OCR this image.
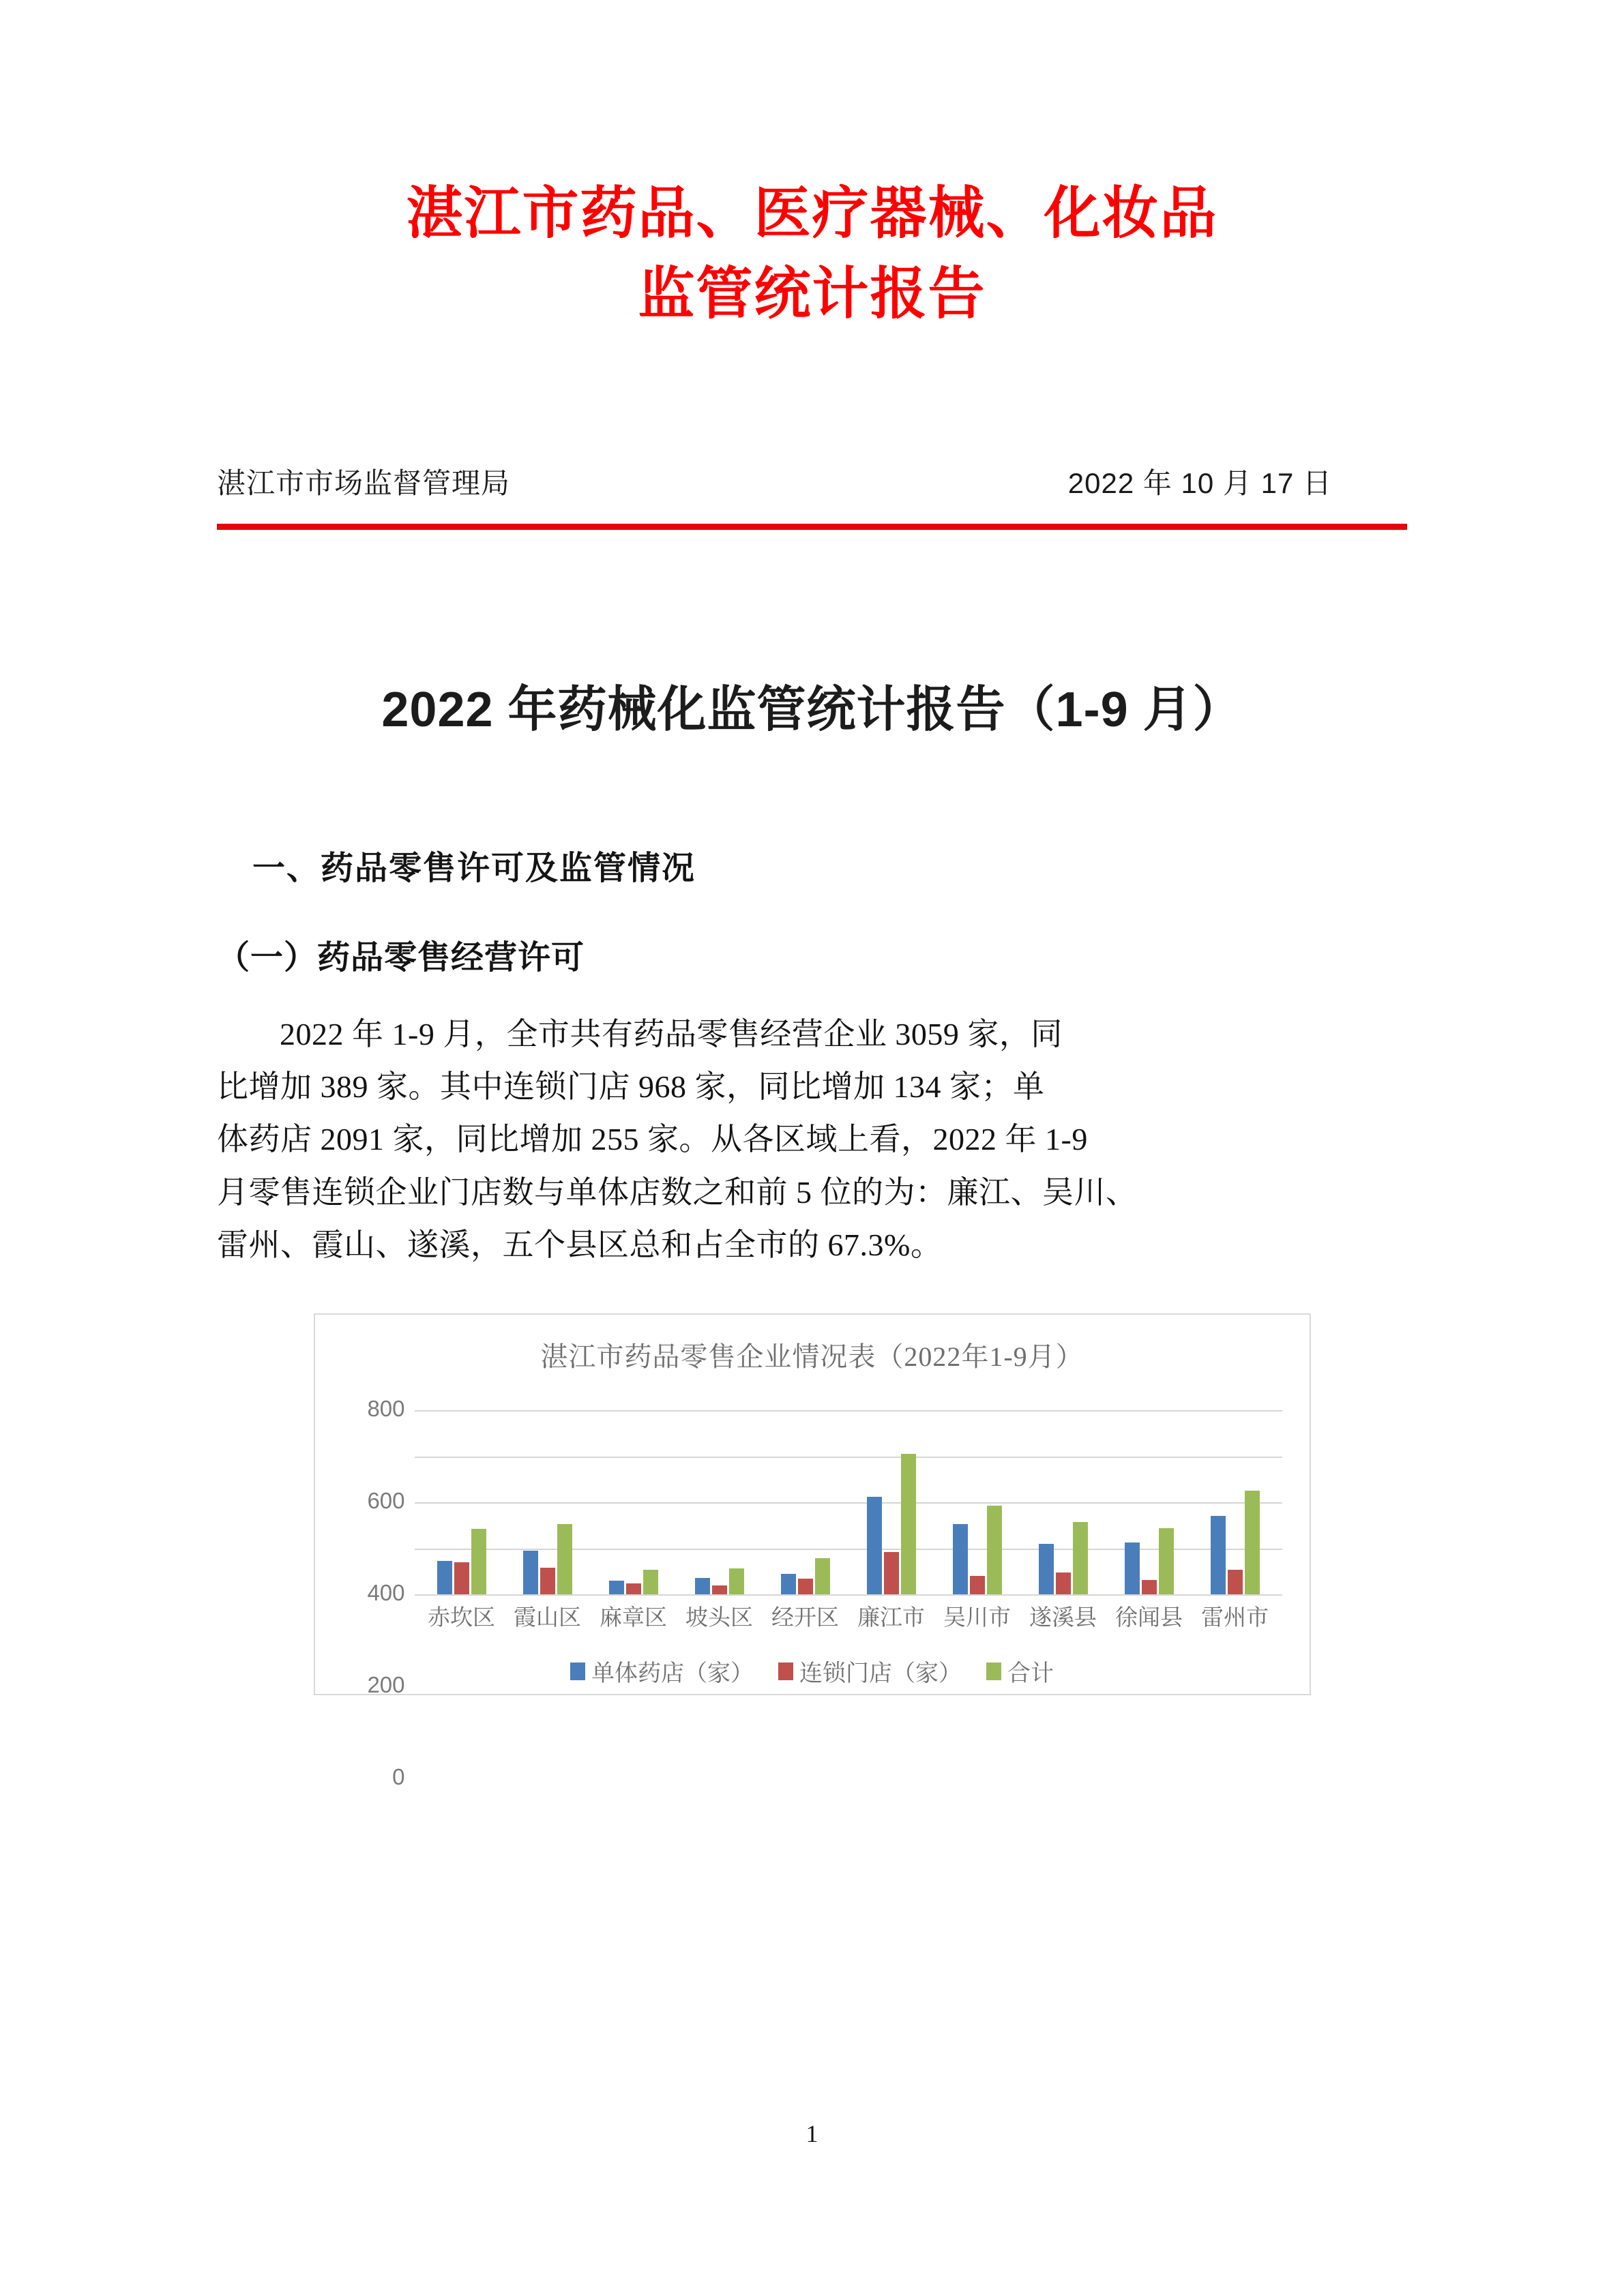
湛江市药品、医疗器械、化妆品
监管统计报告
湛江市市场监督管理局	2022 年 10 月 17 日
2022 年药械化监管统计报告（1-9 月）
一、药品零售许可及监管情况
（一）药品零售经营许可
2022 年 1-9 月，全市共有药品零售经营企业 3059 家，同
比增加 389 家。其中连锁门店 968 家，同比增加 134 家；单
体药店 2091 家，同比增加 255 家。从各区域上看，2022 年 1-9
月零售连锁企业门店数与单体店数之和前 5 位的为：廉江、吴川、
雷州、霞山、遂溪，五个县区总和占全市的 67.3%。
湛江市药品零售企业情况表（2022年1-9月）
0
200
400
600
800
赤坎区 霞山区 麻章区 坡头区 经开区 廉江市 吴川市 遂溪县 徐闻县 雷州市
单体药店（家） 连锁门店（家） 合计
1
